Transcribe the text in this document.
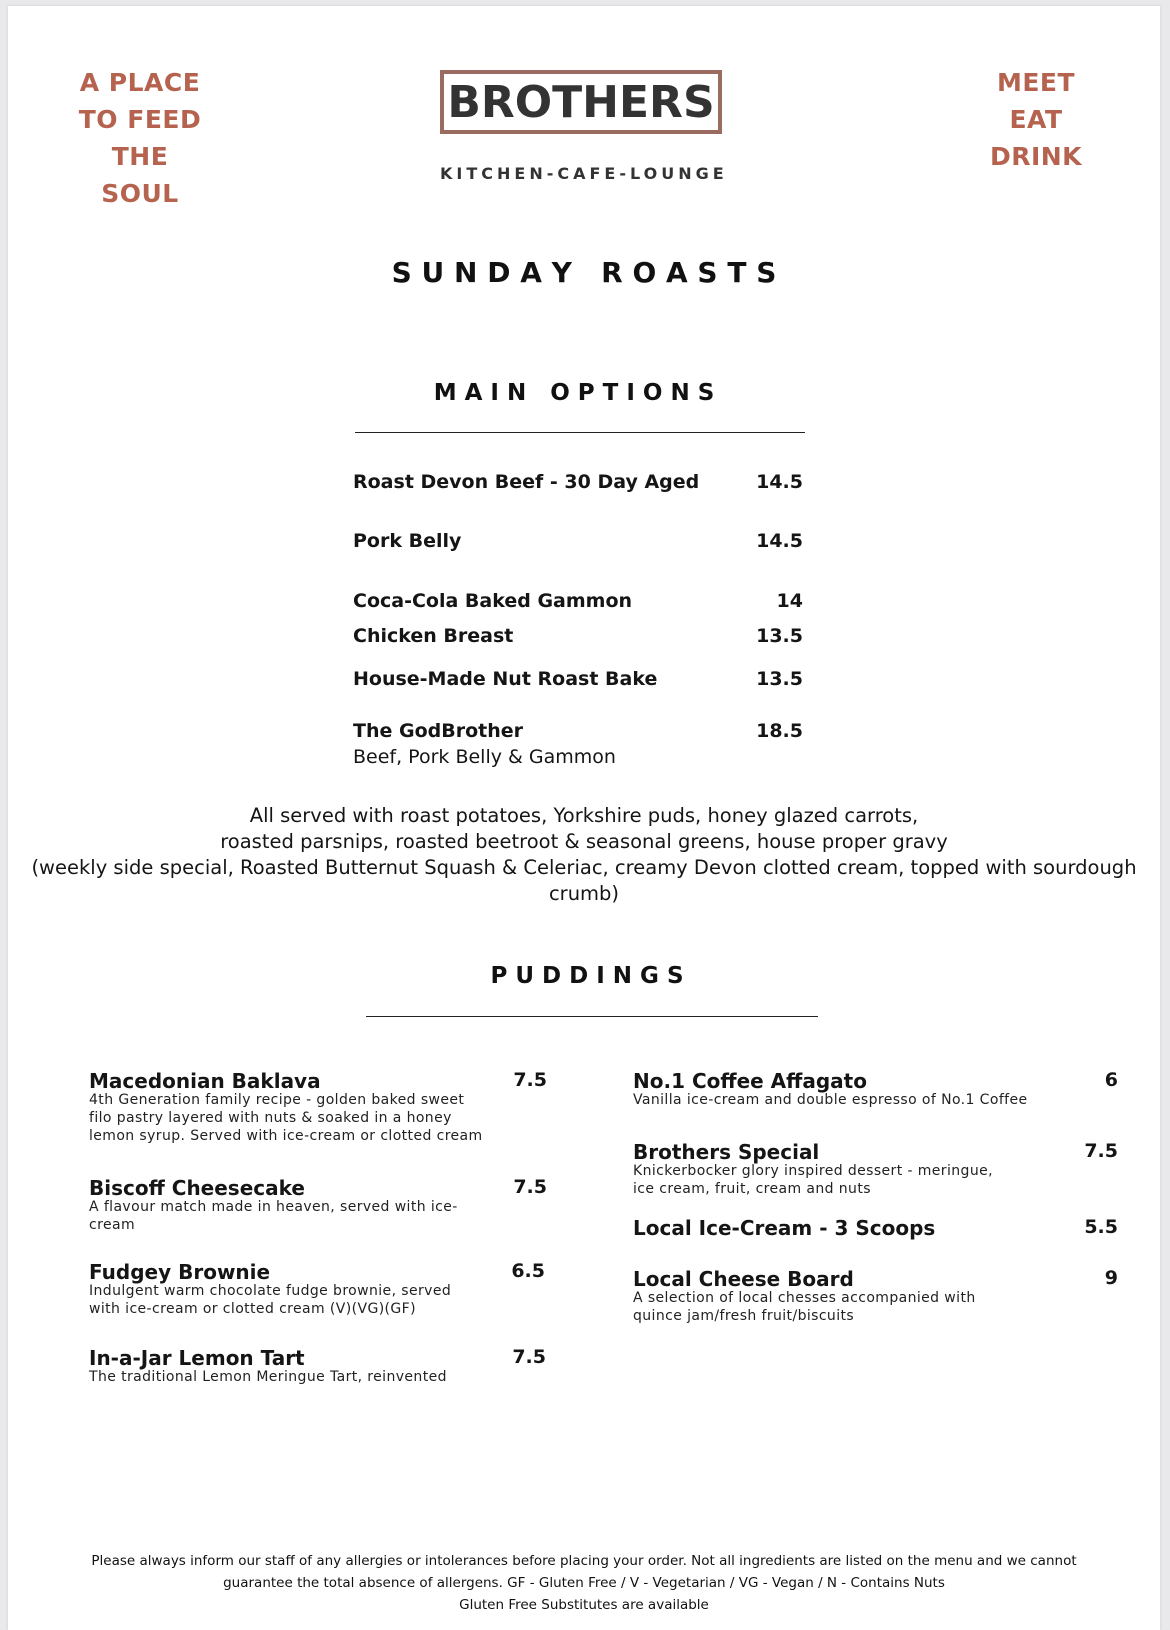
A PLACE
TO FEED
THE SOUL
MEET
EAT
DRINK
BROTHERS
KITCHEN-CAFE-LOUNGE
S U N D A Y   R O A S T S
M A I N   O P T I O N S
Roast Devon Beef - 30 Day Aged	14.5
Pork Belly	14.5
Coca-Cola Baked Gammon	14
Chicken Breast	13.5
House-Made Nut Roast Bake	13.5
The GodBrother	18.5
Beef, Pork Belly & Gammon
All served with roast potatoes, Yorkshire puds, honey glazed carrots,
roasted parsnips, roasted beetroot & seasonal greens, house proper gravy
(weekly side special, Roasted Butternut Squash & Celeriac, creamy Devon clotted cream, topped with sourdough
crumb)
P U D D I N G S
Macedonian Baklava	7.5
4th Generation family recipe - golden baked sweet
filo pastry layered with nuts & soaked in a honey
lemon syrup. Served with ice-cream or clotted cream
Biscoff Cheesecake	7.5
A flavour match made in heaven, served with ice-
cream
Fudgey Brownie	6.5
Indulgent warm chocolate fudge brownie, served
with ice-cream or clotted cream (V)(VG)(GF)
In-a-Jar Lemon Tart	7.5
The traditional Lemon Meringue Tart, reinvented
No.1 Coffee Affagato	6
Vanilla ice-cream and double espresso of No.1 Coffee
Brothers Special	7.5
Knickerbocker glory inspired dessert - meringue,
ice cream, fruit, cream and nuts
Local Ice-Cream - 3 Scoops	5.5
Local Cheese Board	9
A selection of local chesses accompanied with
quince jam/fresh fruit/biscuits
Please always inform our staff of any allergies or intolerances before placing your order. Not all ingredients are listed on the menu and we cannot
guarantee the total absence of allergens. GF - Gluten Free / V - Vegetarian / VG - Vegan / N - Contains Nuts
Gluten Free Substitutes are available
